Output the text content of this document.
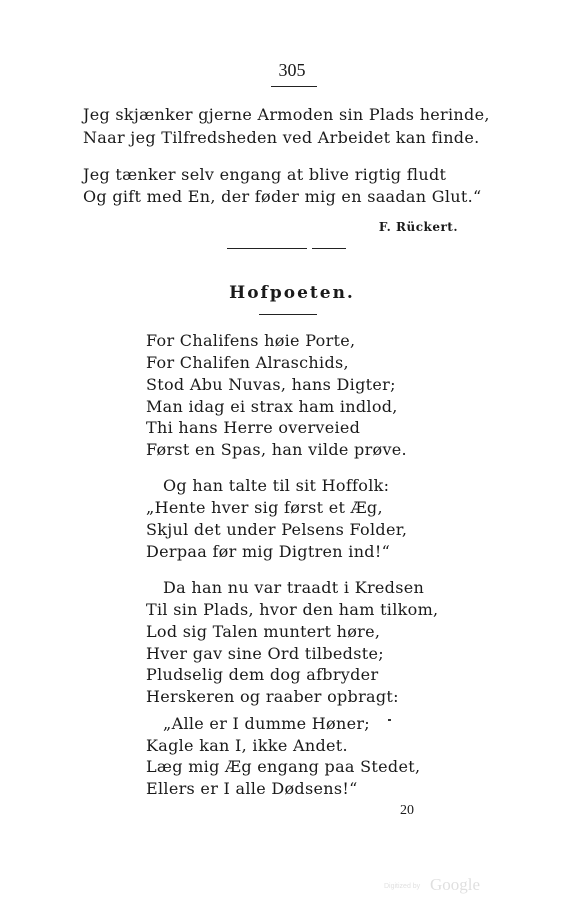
305
Jeg skjænker gjerne Armoden sin Plads herinde,
Naar jeg Tilfredsheden ved Arbeidet kan finde.
Jeg tænker selv engang at blive rigtig fludt
Og gift med En, der føder mig en saadan Glut.“
F. Rückert.
Hofpoeten.
For Chalifens høie Porte,
For Chalifen Alraschids,
Stod Abu Nuvas, hans Digter;
Man idag ei strax ham indlod,
Thi hans Herre overveied
Først en Spas, han vilde prøve.
Og han talte til sit Hoffolk:
„Hente hver sig først et Æg,
Skjul det under Pelsens Folder,
Derpaa før mig Digtren ind!“
Da han nu var traadt i Kredsen
Til sin Plads, hvor den ham tilkom,
Lod sig Talen muntert høre,
Hver gav sine Ord tilbedste;
Pludselig dem dog afbryder
Herskeren og raaber opbragt:
„Alle er I dumme Høner;
Kagle kan I, ikke Andet.
Læg mig Æg engang paa Stedet,
Ellers er I alle Dødsens!“
20
Digitized by Google
